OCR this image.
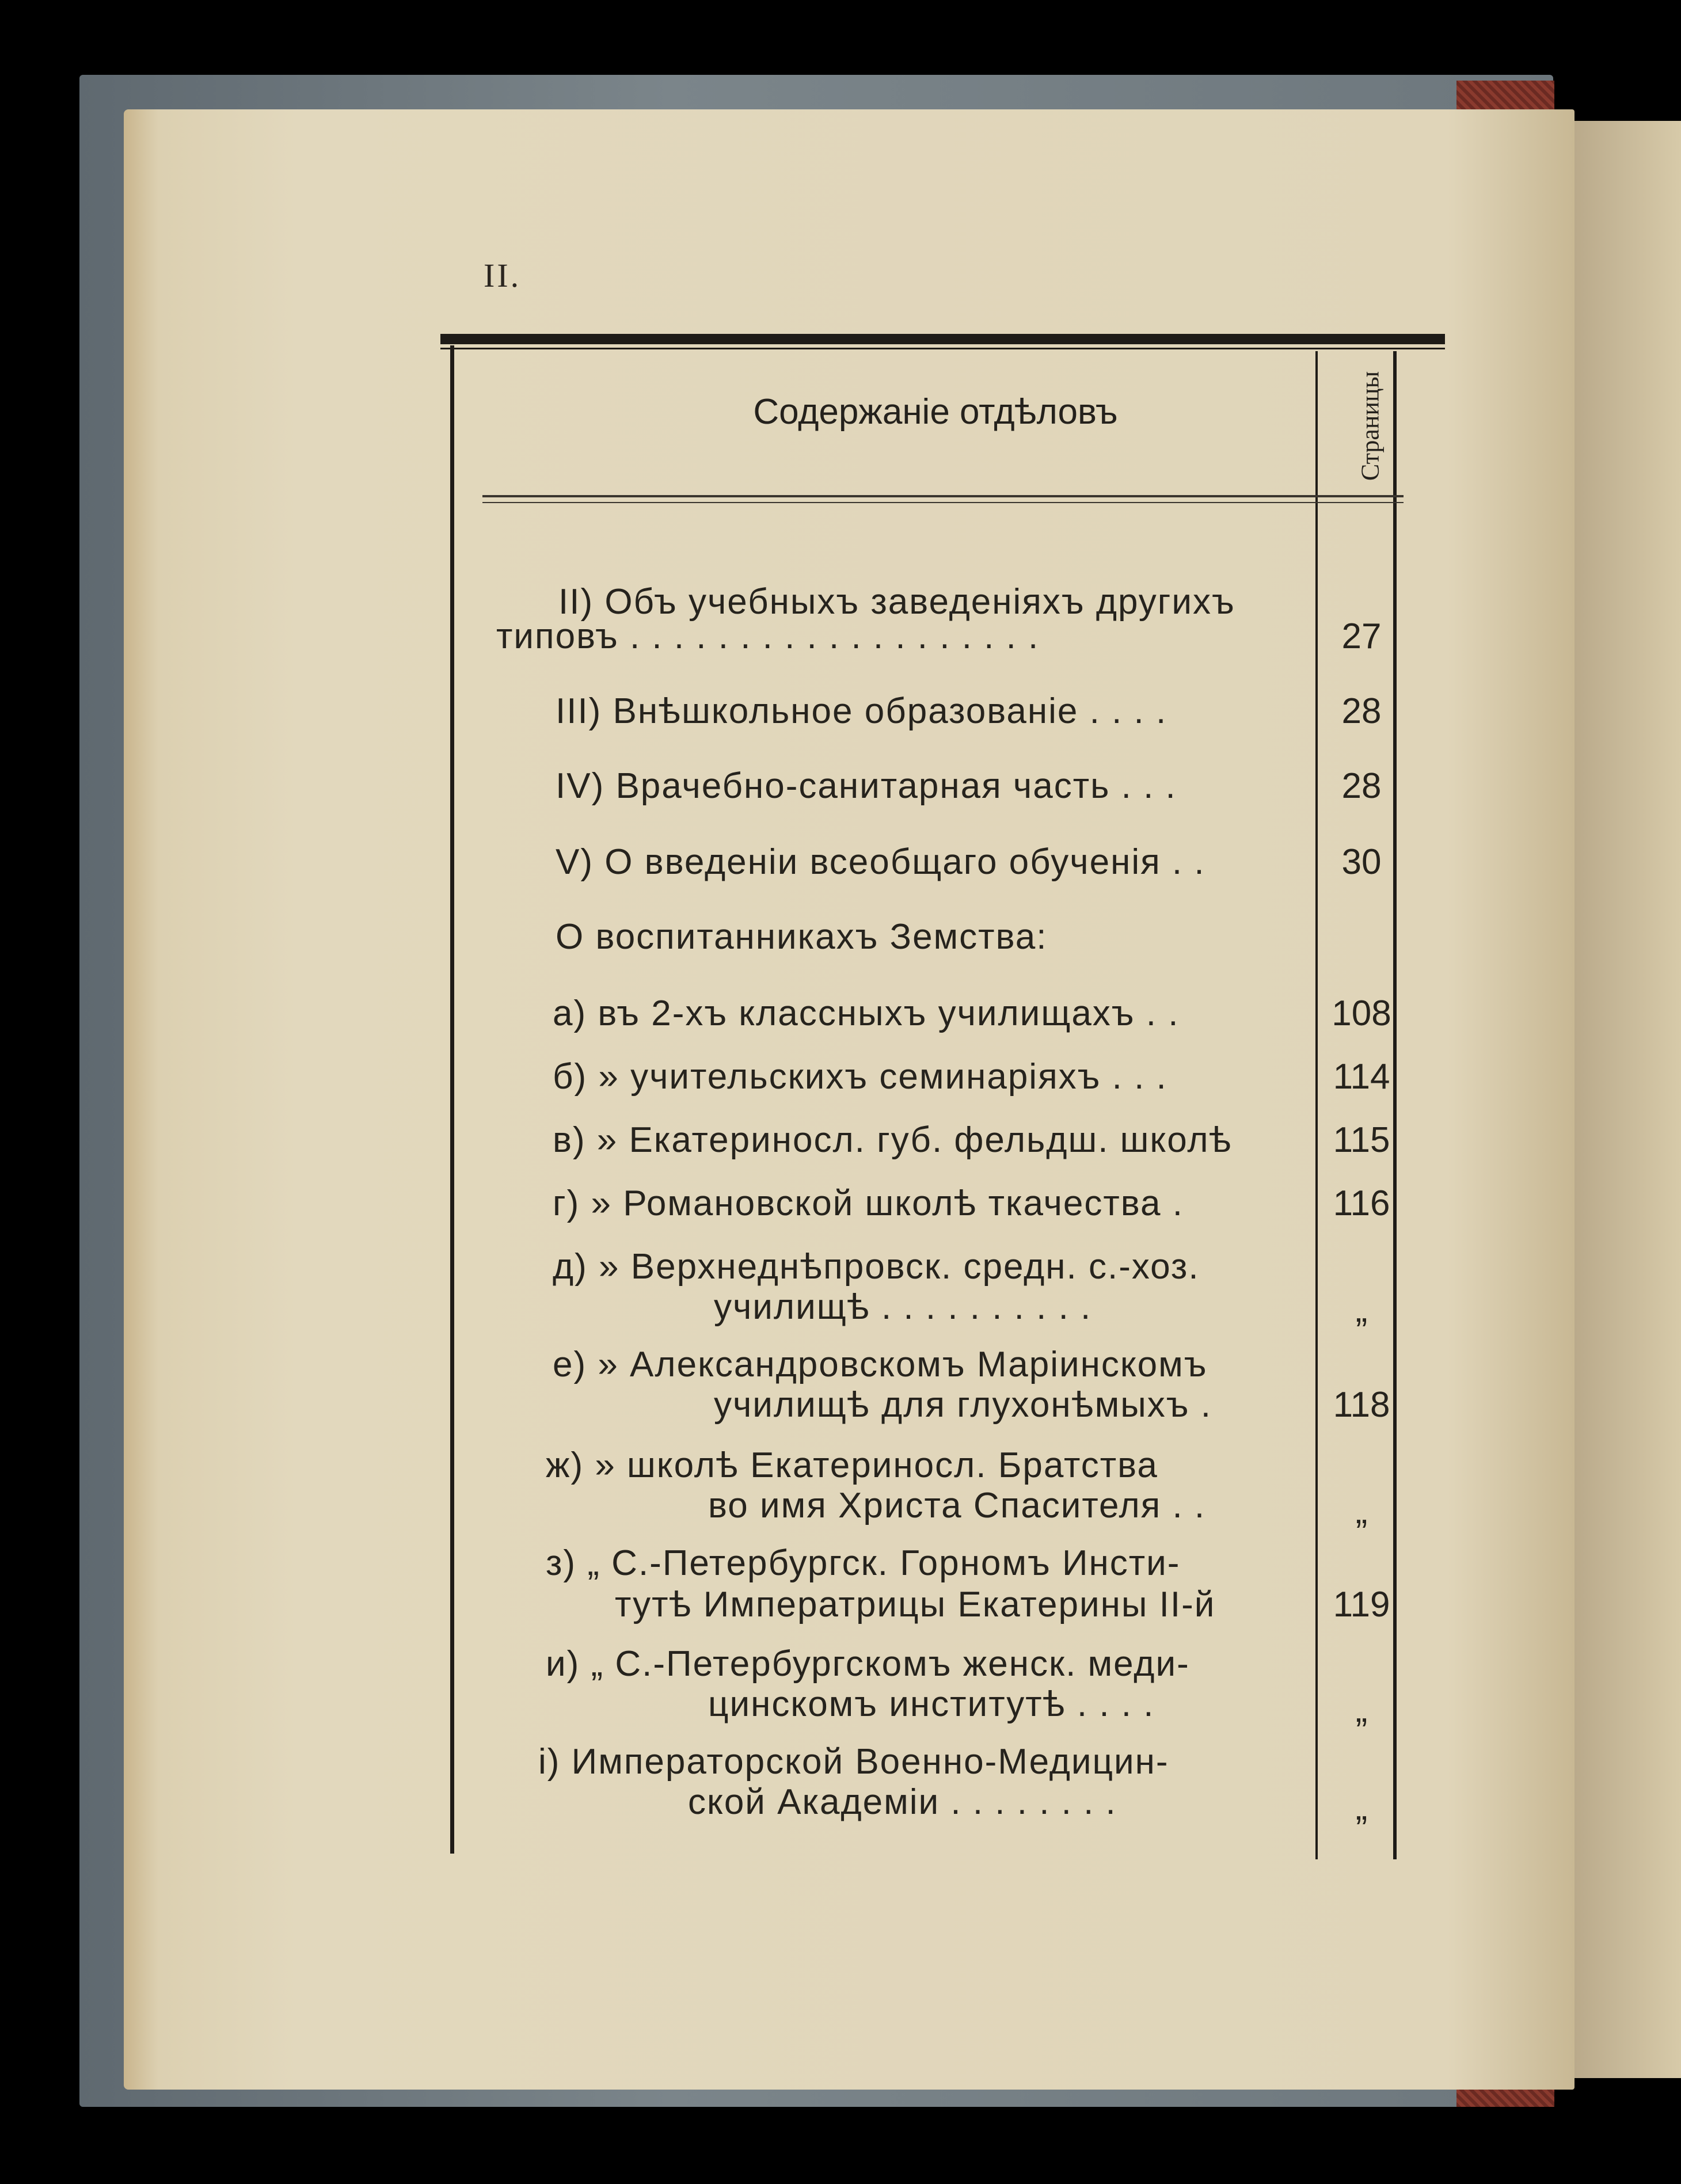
II.
Содержаніе отдѣловъ	Страницы
II) Объ учебныхъ заведеніяхъ другихъ
типовъ . . . . . . . . . . . . . . . . . . .	27
III) Внѣшкольное образованіе . . . .	28
IV) Врачебно-санитарная часть . . .	28
V) О введеніи всеобщаго обученія . .	30
О воспитанникахъ Земства:
а) въ 2-хъ классныхъ училищахъ . .	108
б) » учительскихъ семинаріяхъ . . .	114
в) » Екатериносл. губ. фельдш. школѣ	115
г) » Романовской школѣ ткачества .	116
д) » Верхнеднѣпровск. средн. с.-хоз.
училищѣ . . . . . . . . . .	„
е) » Александровскомъ Маріинскомъ
училищѣ для глухонѣмыхъ .	118
ж) » школѣ Екатериносл. Братства
во имя Христа Спасителя . .	„
з) „ С.-Петербургск. Горномъ Инсти-
тутѣ Императрицы Екатерины II-й	119
и) „ С.-Петербургскомъ женск. меди-
цинскомъ институтѣ . . . .	„
і) Императорской Военно-Медицин-
ской Академіи . . . . . . . .	„
